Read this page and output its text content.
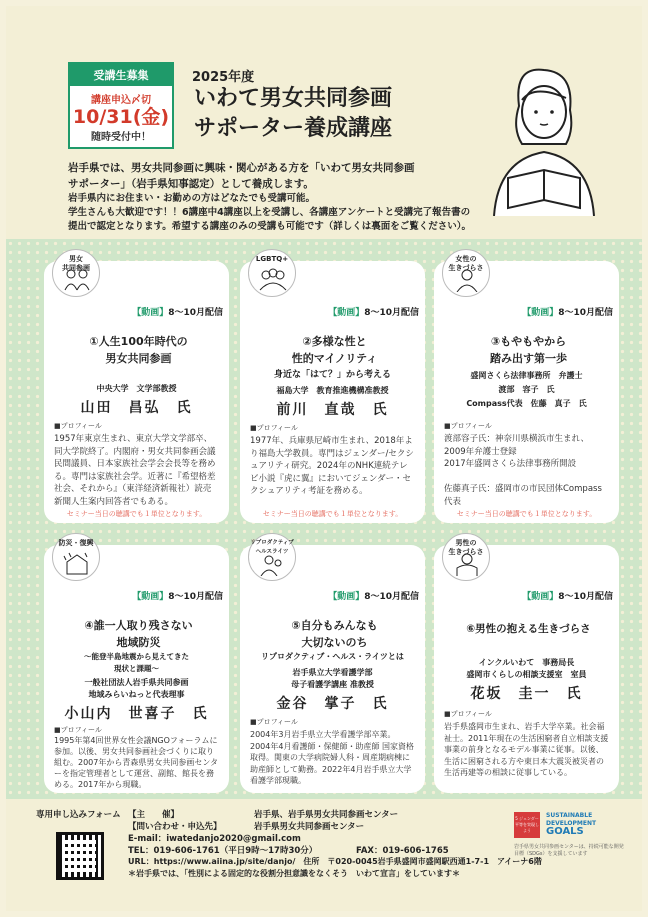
受講生募集
講座申込〆切
10/31(金)
随時受付中！
2025年度
いわて男女共同参画
サポーター養成講座
岩手県では、男女共同参画に興味・関心がある方を「いわて男女共同参画
サポーター」（岩手県知事認定）として養成します。
岩手県内にお住まい・お勤めの方はどなたでも受講可能。
学生さんも大歓迎です！！6講座中4講座以上を受講し、各講座アンケートと受講完了報告書の
提出で認定となります。希望する講座のみの受講も可能です（詳しくは裏面をご覧ください）。
男女
共同参画
【動画】8～10月配信
①人生100年時代の
男女共同参画
中央大学　文学部教授
山田　昌弘　氏
■プロフィール
1957年東京生まれ、東京大学文学部卒、同大学院終了。内閣府・男女共同参画会議民間議員、日本家族社会学会会長等を務める。専門は家族社会学。近著に『希望格差社会、それから』（東洋経済新報社）読売新聞人生案内回答者でもある。
セミナー当日の聴講でも１単位となります。
LGBTQ+
【動画】8～10月配信
②多様な性と
性的マイノリティ
身近な「はて？」から考える
福島大学　教育推進機構准教授
前川　直哉　氏
■プロフィール
1977年、兵庫県尼崎市生まれ、2018年より福島大学教員。専門はジェンダー/セクシュアリティ研究。2024年のNHK連続テレビ小説『虎に翼』においてジェンダー・セクシュアリティ考証を務める。
セミナー当日の聴講でも１単位となります。
女性の
生きづらさ
【動画】8～10月配信
③もやもやから
踏み出す第一歩
盛岡さくら法律事務所　弁護士
渡部　容子　氏
Compass代表　佐藤　真子　氏
■プロフィール
渡部容子氏：神奈川県横浜市生まれ、2009年弁護士登録
2017年盛岡さくら法律事務所開設

佐藤真子氏：盛岡市の市民団体Compass代表
セミナー当日の聴講でも１単位となります。
防災・復興
【動画】8～10月配信
④誰一人取り残さない
地域防災
～能登半島地震から見えてきた
現状と課題～
一般社団法人岩手県共同参画
地域みらいねっと代表理事
小山内　世喜子　氏
■プロフィール
1995年第4回世界女性会議NGOフォーラムに参加。以後、男女共同参画社会づくりに取り組む。2007年から青森県男女共同参画センターを指定管理者として運営、副館、館長を務める。2017年から現職。
リプロダクティブ
ヘルスライツ
【動画】8～10月配信
⑤自分もみんなも
大切ないのち
リプロダクティブ・ヘルス・ライツとは
岩手県立大学看護学部
母子看護学講座 准教授
金谷　掌子　氏
■プロフィール
2004年3月岩手県立大学看護学部卒業。2004年4月看護師・保健師・助産師 国家資格取得。関東の大学病院婦人科・周産期病棟に助産師として勤務。2022年4月岩手県立大学看護学部現職。
男性の
生きづらさ
【動画】8～10月配信
⑥男性の抱える生きづらさ
インクルいわて　事務局長
盛岡市くらしの相談支援室　室員
花坂　圭一　氏
■プロフィール
岩手県盛岡市生まれ、岩手大学卒業。社会福祉士。2011年現在の生活困窮者自立相談支援事業の前身となるモデル事業に従事。以後、生活に困窮される方や東日本大震災被災者の生活再建等の相談に従事している。
専用申し込みフォーム 【主　　催】	岩手県、岩手県男女共同参画センター
【問い合わせ・申込先】	岩手県男女共同参画センター
E-mail：iwatedanjo2020@gmail.com
TEL：019-606-1761（平日9時～17時30分）	FAX：019-606-1765
URL：https://www.aiina.jp/site/danjo/　住所　〒020-0045岩手県盛岡市盛岡駅西通1-7-1　アイーナ6階
＊岩手県では、「性別による固定的な役割分担意識をなくそう　いわて宣言」をしています＊
5 ジェンダー平等を実現しよう
SUSTAINABLE
DEVELOPMENT
GOALS
岩手県男女共同参画センターは、持続可能な開発目標（SDGs）を支援しています
